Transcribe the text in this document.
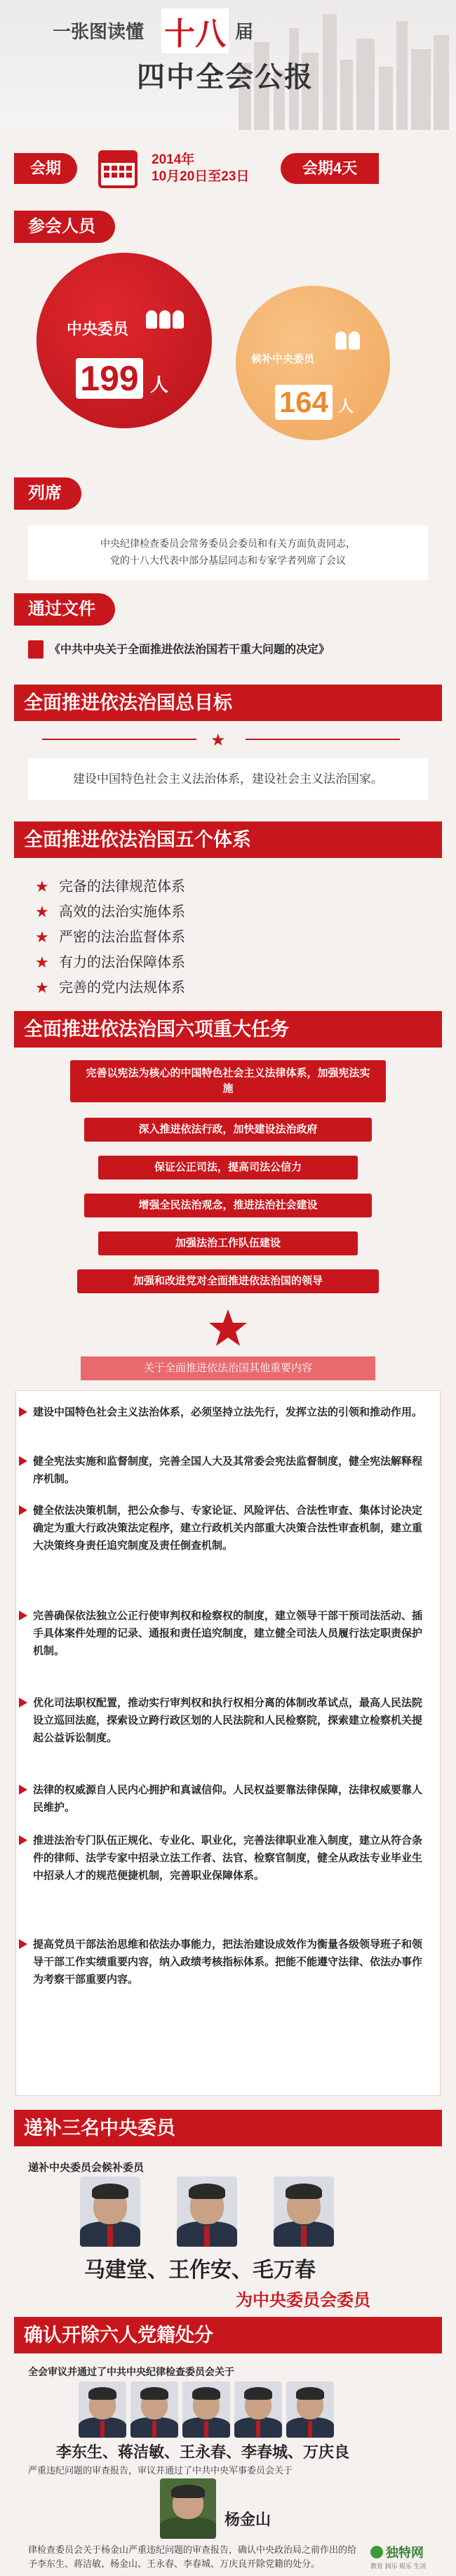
一张图读懂 十八 届
四中全会公报
会期	2014年
10月20日至23日	会期4天
参会人员
中央委员
199 人
候补中央委员
164 人
列席
中央纪律检查委员会常务委员会委员和有关方面负责同志，
党的十八大代表中部分基层同志和专家学者列席了会议
通过文件
《中共中央关于全面推进依法治国若干重大问题的决定》
全面推进依法治国总目标
★
建设中国特色社会主义法治体系，建设社会主义法治国家。
全面推进依法治国五个体系
★ 完备的法律规范体系
★ 高效的法治实施体系
★ 严密的法治监督体系
★ 有力的法治保障体系
★ 完善的党内法规体系
全面推进依法治国六项重大任务
完善以宪法为核心的中国特色社会主义法律体系，加强宪法实施
深入推进依法行政，加快建设法治政府
保证公正司法，提高司法公信力
增强全民法治观念，推进法治社会建设
加强法治工作队伍建设
加强和改进党对全面推进依法治国的领导
关于全面推进依法治国其他重要内容
建设中国特色社会主义法治体系，必须坚持立法先行，发挥立法的引领和推动作用。
健全宪法实施和监督制度，完善全国人大及其常委会宪法监督制度，健全宪法解释程序机制。
健全依法决策机制，把公众参与、专家论证、风险评估、合法性审查、集体讨论决定确定为重大行政决策法定程序，建立行政机关内部重大决策合法性审查机制，建立重大决策终身责任追究制度及责任倒查机制。
完善确保依法独立公正行使审判权和检察权的制度，建立领导干部干预司法活动、插手具体案件处理的记录、通报和责任追究制度，建立健全司法人员履行法定职责保护机制。
优化司法职权配置，推动实行审判权和执行权相分离的体制改革试点，最高人民法院设立巡回法庭，探索设立跨行政区划的人民法院和人民检察院，探索建立检察机关提起公益诉讼制度。
法律的权威源自人民内心拥护和真诚信仰。人民权益要靠法律保障，法律权威要靠人民维护。
推进法治专门队伍正规化、专业化、职业化，完善法律职业准入制度，建立从符合条件的律师、法学专家中招录立法工作者、法官、检察官制度，健全从政法专业毕业生中招录人才的规范便捷机制，完善职业保障体系。
提高党员干部法治思维和依法办事能力，把法治建设成效作为衡量各级领导班子和领导干部工作实绩重要内容，纳入政绩考核指标体系。把能不能遵守法律、依法办事作为考察干部重要内容。
递补三名中央委员
递补中央委员会候补委员
马建堂、王作安、毛万春
为中央委员会委员
确认开除六人党籍处分
全会审议并通过了中共中央纪律检查委员会关于
李东生、蒋洁敏、王永春、李春城、万庆良
严重违纪问题的审查报告，审议并通过了中共中央军事委员会关于
杨金山
律检查委员会关于杨金山严重违纪问题的审查报告，确认中央政治局之前作出的给予李东生、蒋洁敏、杨金山、王永春、李春城、万庆良开除党籍的处分。
独特网
教育 润乐 娱乐 生活
